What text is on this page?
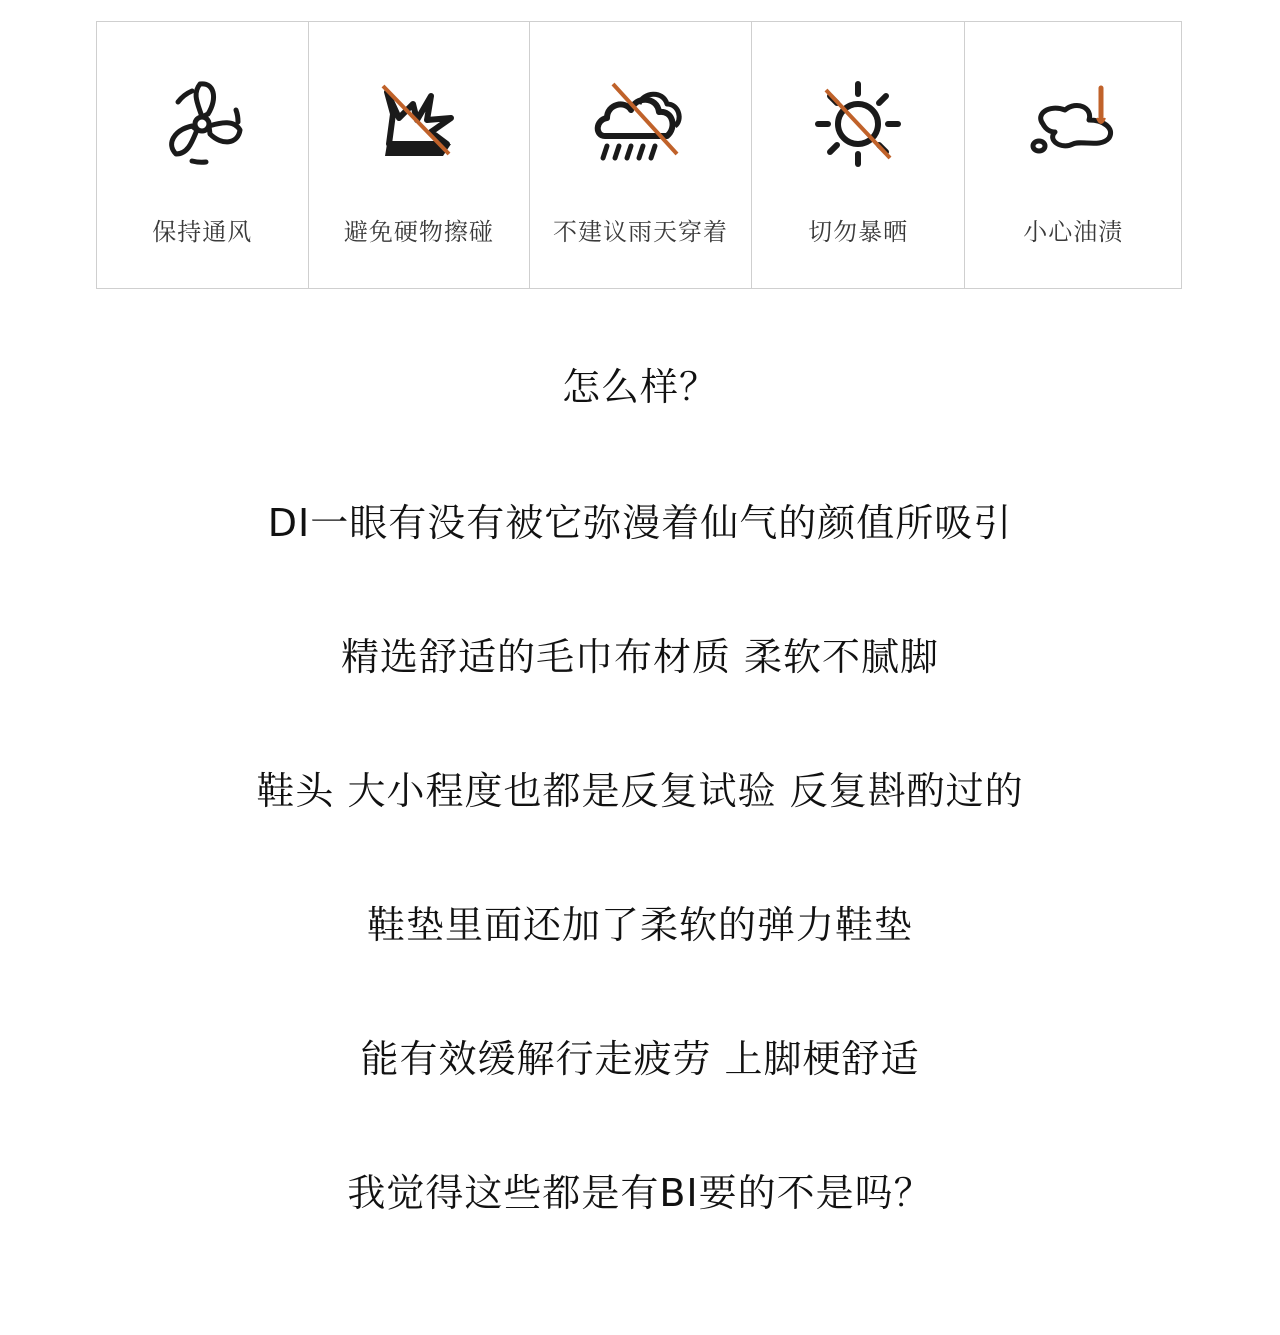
保持通风	避免硬物擦碰	不建议雨天穿着	切勿暴晒	小心油渍
怎么样？
DI一眼有没有被它弥漫着仙气的颜值所吸引
精选舒适的毛巾布材质 柔软不腻脚
鞋头 大小程度也都是反复试验 反复斟酌过的
鞋垫里面还加了柔软的弹力鞋垫
能有效缓解行走疲劳 上脚梗舒适
我觉得这些都是有BI要的不是吗？
